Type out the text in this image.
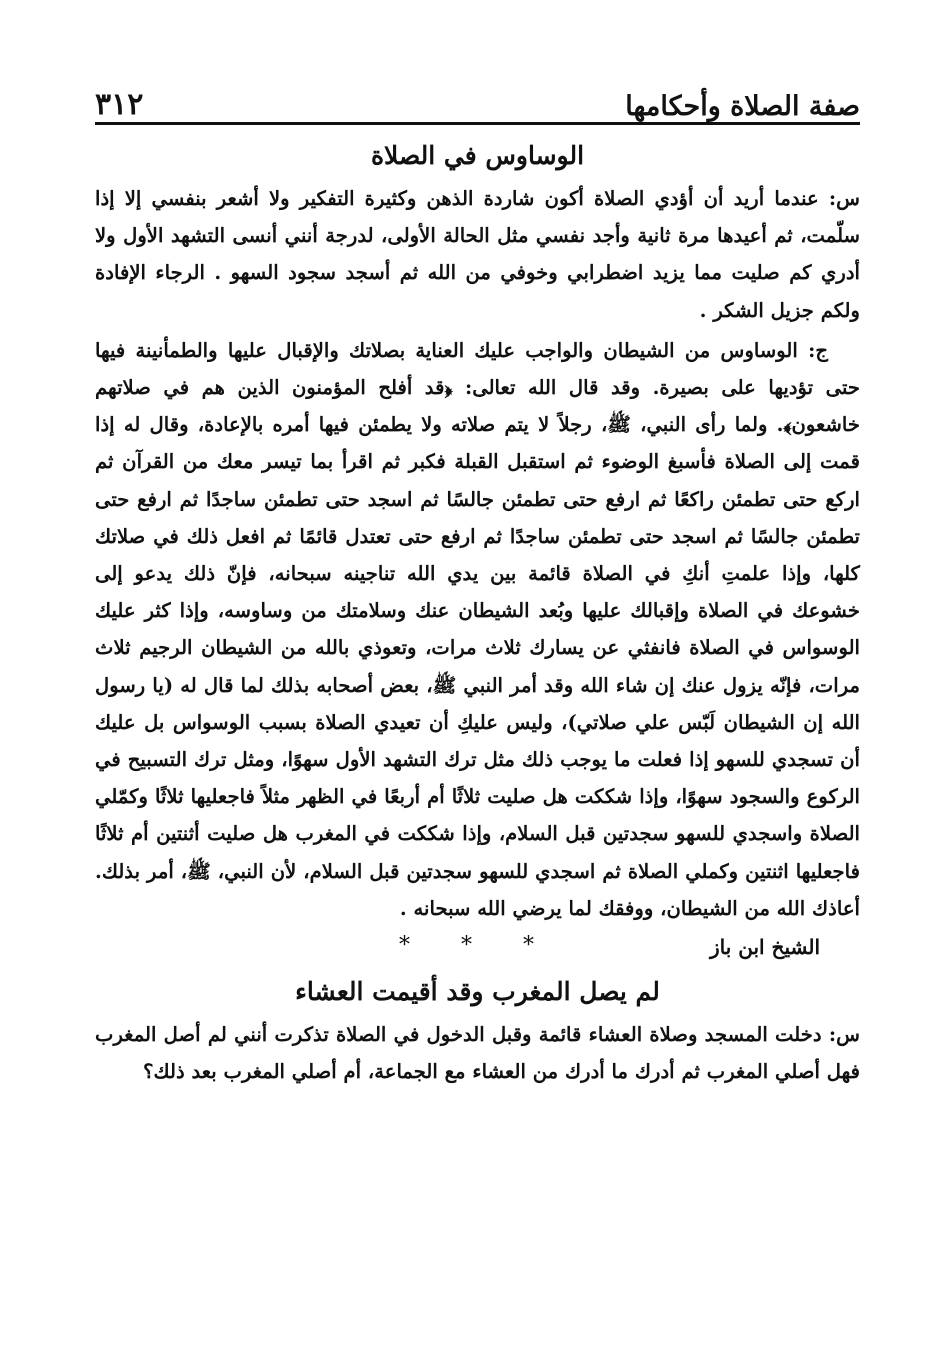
صفة الصلاة وأحكامها
٣١٢
الوساوس في الصلاة

س: عندما أريد أن أؤدي الصلاة أكون شاردة الذهن وكثيرة التفكير ولا أشعر بنفسي إلا إذا سلّمت، ثم أعيدها مرة ثانية وأجد نفسي مثل الحالة الأولى، لدرجة أنني أنسى التشهد الأول ولا أدري كم صليت مما يزيد اضطرابي وخوفي من الله ثم أسجد سجود السهو . الرجاء الإفادة ولكم جزيل الشكر .

ج: الوساوس من الشيطان والواجب عليك العناية بصلاتك والإقبال عليها والطمأنينة فيها حتى تؤديها على بصيرة. وقد قال الله تعالى: ﴿قد أفلح المؤمنون الذين هم في صلاتهم خاشعون﴾. ولما رأى النبي، ﷺ، رجلاً لا يتم صلاته ولا يطمئن فيها أمره بالإعادة، وقال له إذا قمت إلى الصلاة فأسبغ الوضوء ثم استقبل القبلة فكبر ثم اقرأ بما تيسر معك من القرآن ثم اركع حتى تطمئن راكعًا ثم ارفع حتى تطمئن جالسًا ثم اسجد حتى تطمئن ساجدًا ثم ارفع حتى تطمئن جالسًا ثم اسجد حتى تطمئن ساجدًا ثم ارفع حتى تعتدل قائمًا ثم افعل ذلك في صلاتك كلها، وإذا علمتِ أنكِ في الصلاة قائمة بين يدي الله تناجينه سبحانه، فإنّ ذلك يدعو إلى خشوعك في الصلاة وإقبالك عليها وبُعد الشيطان عنك وسلامتك من وساوسه، وإذا كثر عليك الوسواس في الصلاة فانفثي عن يسارك ثلاث مرات، وتعوذي بالله من الشيطان الرجيم ثلاث مرات، فإنّه يزول عنك إن شاء الله وقد أمر النبي ﷺ، بعض أصحابه بذلك لما قال له (يا رسول الله إن الشيطان لَبّس علي صلاتي)، وليس عليكِ أن تعيدي الصلاة بسبب الوسواس بل عليك أن تسجدي للسهو إذا فعلت ما يوجب ذلك مثل ترك التشهد الأول سهوًا، ومثل ترك التسبيح في الركوع والسجود سهوًا، وإذا شككت هل صليت ثلاثًا أم أربعًا في الظهر مثلاً فاجعليها ثلاثًا وكمّلي الصلاة واسجدي للسهو سجدتين قبل السلام، وإذا شككت في المغرب هل صليت أثنتين أم ثلاثًا فاجعليها اثنتين وكملي الصلاة ثم اسجدي للسهو سجدتين قبل السلام، لأن النبي، ﷺ، أمر بذلك. أعاذك الله من الشيطان، ووفقك لما يرضي الله سبحانه .

* * *	الشيخ ابن باز
لم يصل المغرب وقد أقيمت العشاء

س: دخلت المسجد وصلاة العشاء قائمة وقبل الدخول في الصلاة تذكرت أنني لم أصل المغرب فهل أصلي المغرب ثم أدرك ما أدرك من العشاء مع الجماعة، أم أصلي المغرب بعد ذلك؟
